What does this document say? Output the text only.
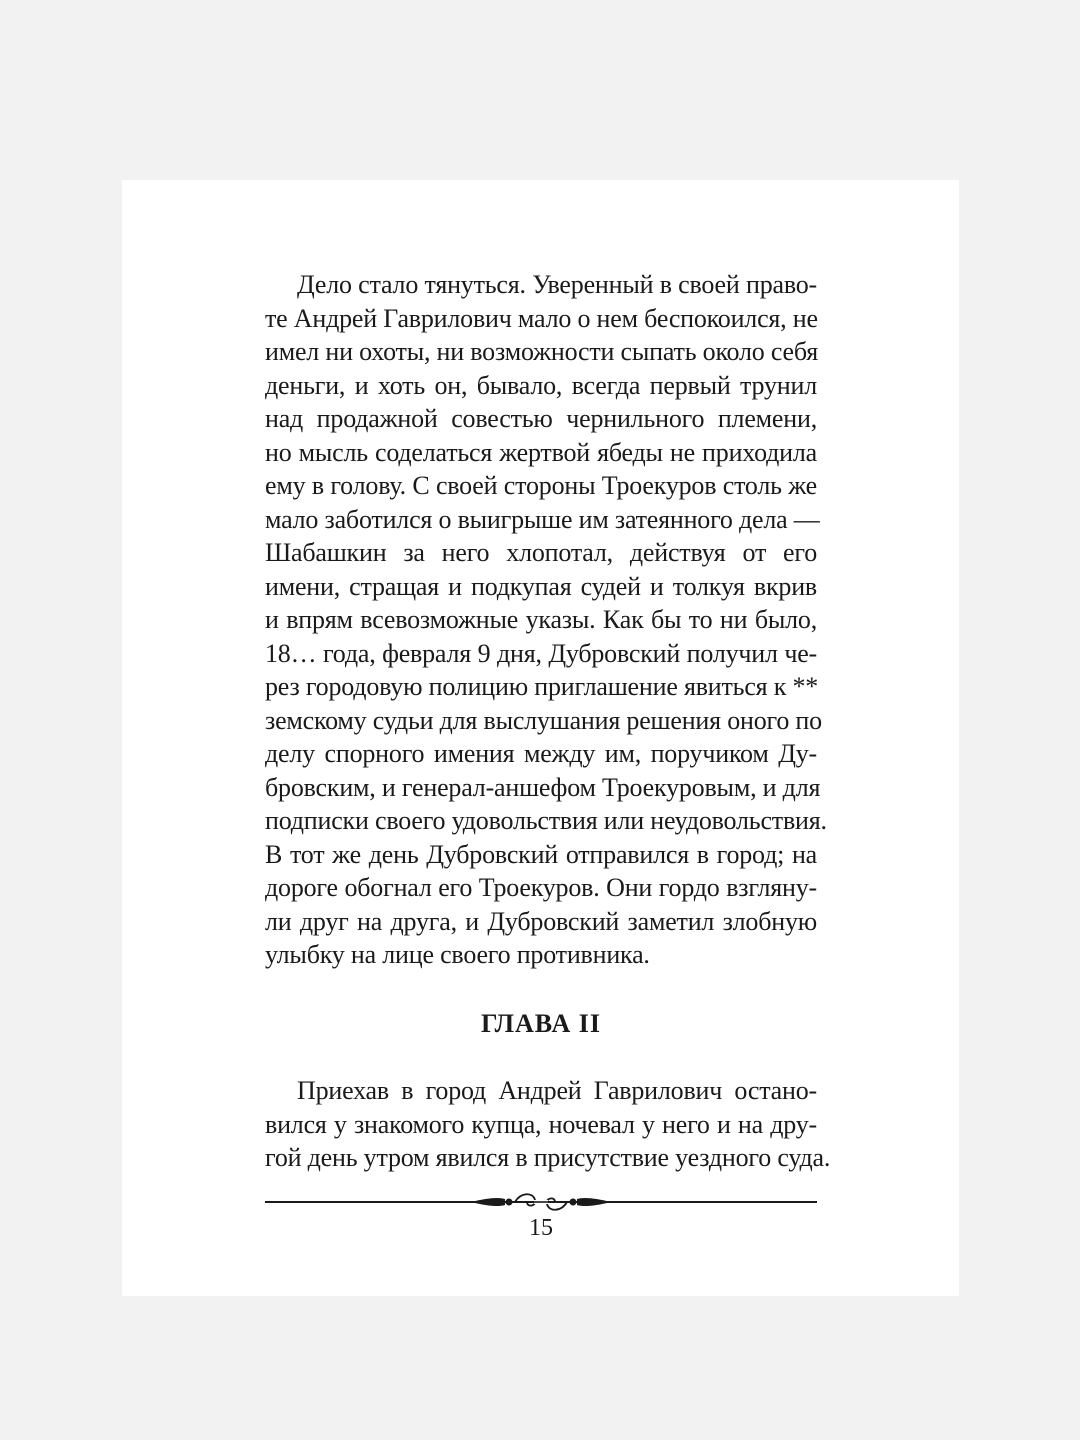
Дело стало тянуться. Уверенный в своей право-
те Андрей Гаврилович мало о нем беспокоился, не
имел ни охоты, ни возможности сыпать около себя
деньги, и хоть он, бывало, всегда первый трунил
над продажной совестью чернильного племени,
но мысль соделаться жертвой ябеды не приходила
ему в голову. С своей стороны Троекуров столь же
мало заботился о выигрыше им затеянного дела —
Шабашкин за него хлопотал, действуя от его
имени, стращая и подкупая судей и толкуя вкрив
и впрям всевозможные указы. Как бы то ни было,
18… года, февраля 9 дня, Дубровский получил че-
рез городовую полицию приглашение явиться к **
земскому судьи для выслушания решения оного по
делу спорного имения между им, поручиком Ду-
бровским, и генерал-аншефом Троекуровым, и для
подписки своего удовольствия или неудовольствия.
В тот же день Дубровский отправился в город; на
дороге обогнал его Троекуров. Они гордо взгляну-
ли друг на друга, и Дубровский заметил злобную
улыбку на лице своего противника.
ГЛАВА II
Приехав в город Андрей Гаврилович остано-
вился у знакомого купца, ночевал у него и на дру-
гой день утром явился в присутствие уездного суда.
15
